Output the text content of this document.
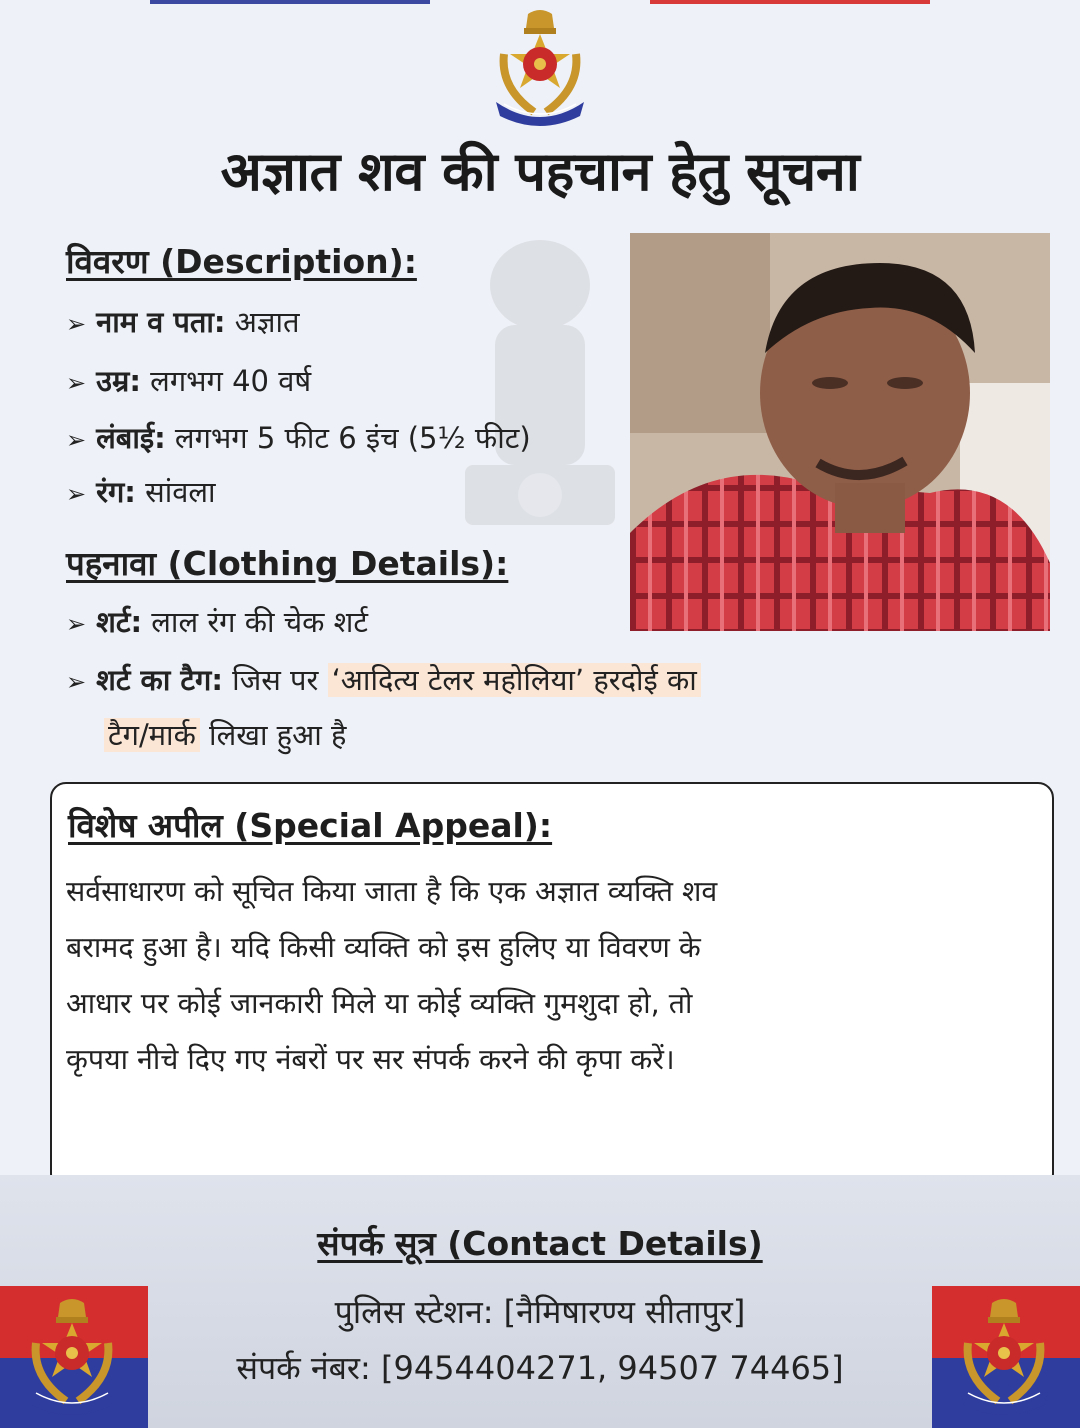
अज्ञात शव की पहचान हेतु सूचना
विवरण (Description):
➢ नाम व पता: अज्ञात
➢ उम्र: लगभग 40 वर्ष
➢ लंबाई: लगभग 5 फीट 6 इंच (5½ फीट)
➢ रंग: सांवला
पहनावा (Clothing Details):
➢ शर्ट: लाल रंग की चेक शर्ट
➢ शर्ट का टैग: जिस पर ‘आदित्य टेलर महोलिया’ हरदोई का
टैग/मार्क लिखा हुआ है
विशेष अपील (Special Appeal):
सर्वसाधारण को सूचित किया जाता है कि एक अज्ञात व्यक्ति शव
बरामद हुआ है। यदि किसी व्यक्ति को इस हुलिए या विवरण के
आधार पर कोई जानकारी मिले या कोई व्यक्ति गुमशुदा हो, तो
कृपया नीचे दिए गए नंबरों पर सर संपर्क करने की कृपा करें।
संपर्क सूत्र (Contact Details)
पुलिस स्टेशन: [नैमिषारण्य सीतापुर]
संपर्क नंबर: [9454404271, 94507 74465]
